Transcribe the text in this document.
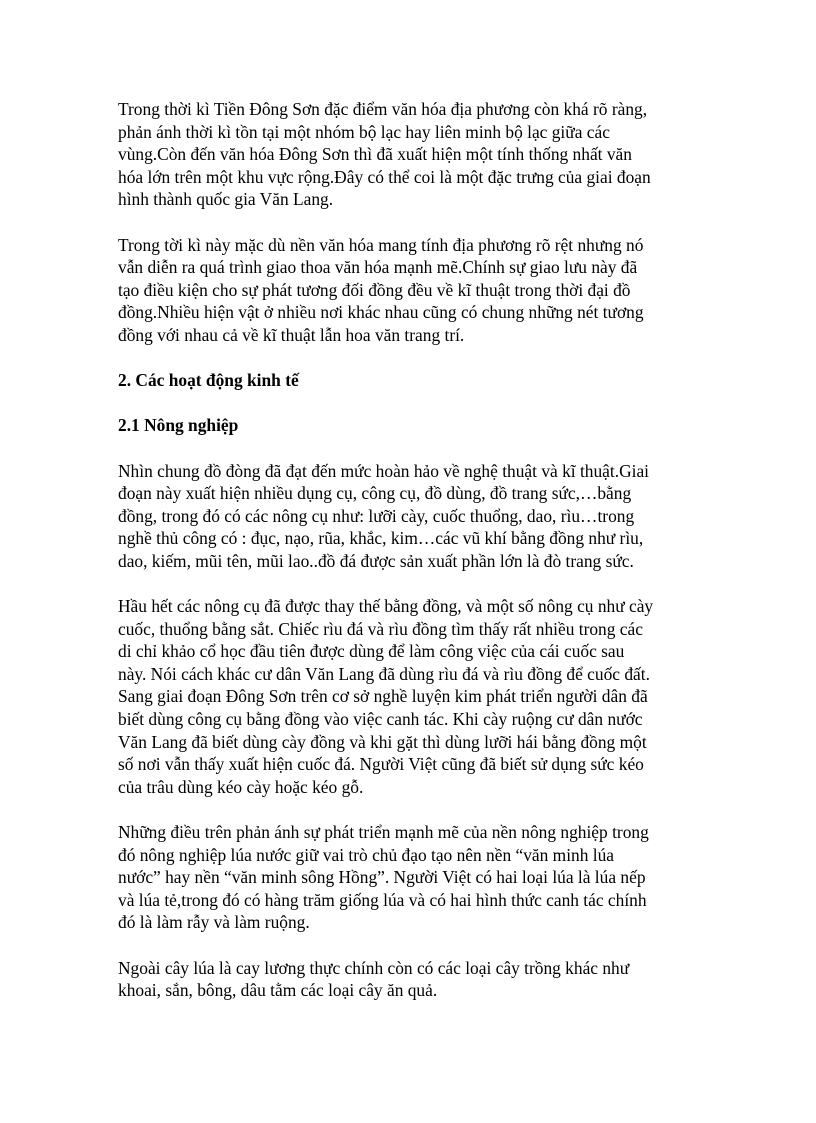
Trong thời kì Tiền Đông Sơn đặc điểm văn hóa địa phương còn khá rõ ràng,
phản ánh thời kì tồn tại một nhóm bộ lạc hay liên minh bộ lạc giữa các
vùng.Còn đến văn hóa Đông Sơn thì đã xuất hiện một tính thống nhất văn
hóa lớn trên một khu vực rộng.Đây có thể coi là một đặc trưng của giai đoạn
hình thành quốc gia Văn Lang.

Trong tời kì này mặc dù nền văn hóa mang tính địa phương rõ rệt nhưng nó
vẫn diễn ra quá trình giao thoa văn hóa mạnh mẽ.Chính sự giao lưu này đã
tạo điều kiện cho sự phát tương đối đồng đều về kĩ thuật trong thời đại đồ
đồng.Nhiều hiện vật ở nhiều nơi khác nhau cũng có chung những nét tương
đồng với nhau cả về kĩ thuật lẫn hoa văn trang trí.

2. Các hoạt động kinh tế

2.1 Nông nghiệp

Nhìn chung đồ đòng đã đạt đến mức hoàn hảo về nghệ thuật và kĩ thuật.Giai
đoạn này xuất hiện nhiều dụng cụ, công cụ, đồ dùng, đồ trang sức,…bằng
đồng, trong đó có các nông cụ như: lưỡi cày, cuốc thuổng, dao, rìu…trong
nghề thủ công có : đục, nạo, rũa, khắc, kim…các vũ khí bằng đồng như rìu,
dao, kiếm, mũi tên, mũi lao..đồ đá được sản xuất phần lớn là đò trang sức.

Hầu hết các nông cụ đã được thay thế bằng đồng, và một số nông cụ như cày
cuốc, thuổng bằng sắt. Chiếc rìu đá và rìu đồng tìm thấy rất nhiều trong các
di chỉ khảo cổ học đầu tiên được dùng để làm công việc của cái cuốc sau
này. Nói cách khác cư dân Văn Lang đã dùng rìu đá và rìu đồng để cuốc đất.
Sang giai đoạn Đông Sơn trên cơ sở nghề luyện kim phát triển người dân đã
biết dùng công cụ bằng đồng vào việc canh tác. Khi cày ruộng cư dân nước
Văn Lang đã biết dùng cày đồng và khi gặt thì dùng lưỡi hái bằng đồng một
số nơi vẫn thấy xuất hiện cuốc đá. Người Việt cũng đã biết sử dụng sức kéo
của trâu dùng kéo cày hoặc kéo gỗ.

Những điều trên phản ánh sự phát triển mạnh mẽ của nền nông nghiệp trong
đó nông nghiệp lúa nước giữ vai trò chủ đạo tạo nên nền “văn minh lúa
nước” hay nền “văn minh sông Hồng”. Người Việt có hai loại lúa là lúa nếp
và lúa tẻ,trong đó có hàng trăm giống lúa và có hai hình thức canh tác chính
đó là làm rẫy và làm ruộng.

Ngoài cây lúa là cay lương thực chính còn có các loại cây trồng khác như
khoai, sắn, bông, dâu tằm các loại cây ăn quả.
